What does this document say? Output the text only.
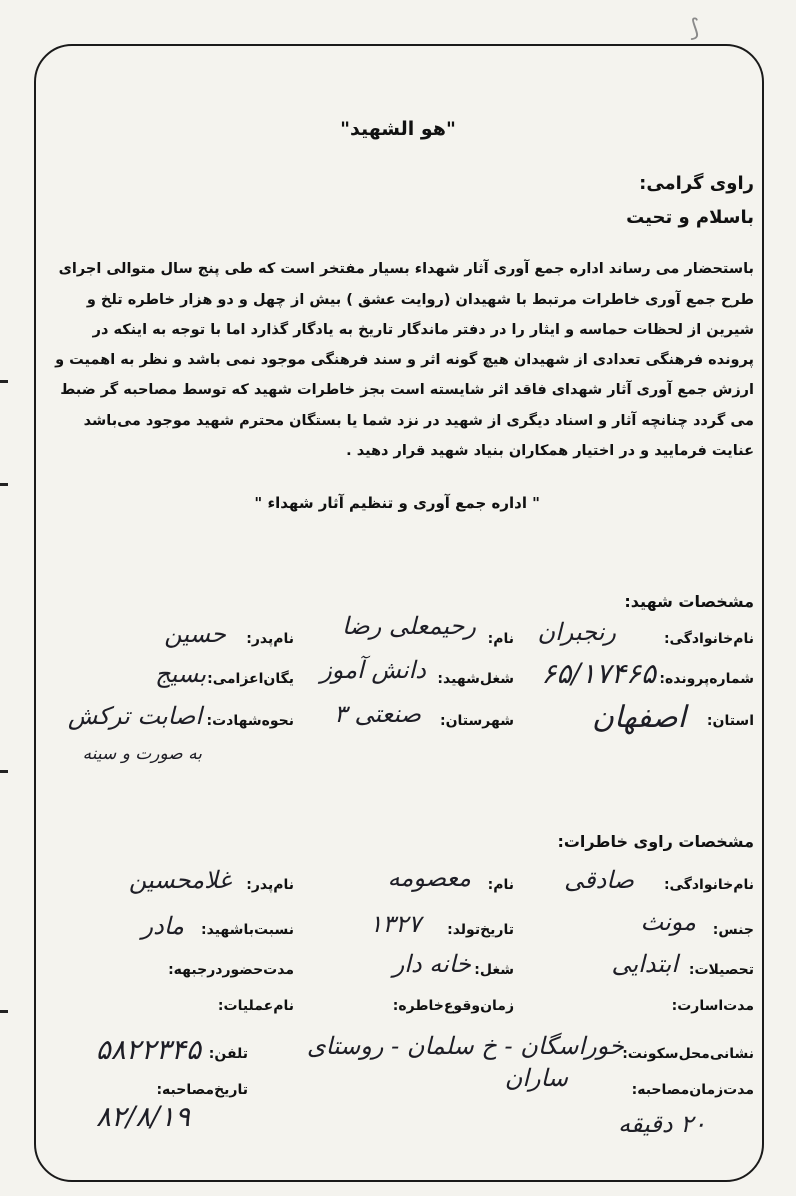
⟆
"هو الشهید"
راوی گرامی:
باسلام و تحیت
باستحضار می رساند اداره جمع آوری آثار شهداء بسیار مفتخر است که طی پنج سال متوالی اجرای
طرح جمع آوری خاطرات مرتبط با شهیدان (روایت عشق ) بیش از چهل و دو هزار خاطره تلخ و
شیرین از لحظات حماسه و ایثار را در دفتر ماندگار تاریخ به یادگار گذارد اما با توجه به اینکه در
پرونده فرهنگی تعدادی از شهیدان هیچ گونه اثر و سند فرهنگی موجود نمی باشد و نظر به اهمیت و
ارزش جمع آوری آثار شهدای فاقد اثر شایسته است بجز خاطرات شهید که توسط مصاحبه گر ضبط
می گردد چنانچه آثار و اسناد دیگری از شهید در نزد شما یا بستگان محترم شهید موجود می‌باشد
عنایت فرمایید و در اختیار همکاران بنیاد شهید قرار دهید .
" اداره جمع آوری و تنظیم آثار شهداء "
مشخصات شهید:
نام‌خانوادگی:
رنجبران
نام:
رحیمعلی رضا
نام‌پدر:
حسین
شماره‌پرونده:
۶۵/۱۷۴۶۵
شغل‌شهید:
دانش آموز
یگان‌اعزامی:
بسیج
استان:
اصفهان
شهرستان:
صنعتی ۳
نحوه‌شهادت:
اصابت ترکش
به صورت و سینه
مشخصات راوی خاطرات:
نام‌خانوادگی:
صادقی
نام:
معصومه
نام‌پدر:
غلامحسین
جنس:
مونث
تاریخ‌تولد:
۱۳۲۷
نسبت‌باشهید:
مادر
تحصیلات:
ابتدایی
شغل:
خانه دار
مدت‌حضوردرجبهه:
مدت‌اسارت:
زمان‌وقوع‌خاطره:
نام‌عملیات:
نشانی‌محل‌سکونت:
خوراسگان - خ سلمان - روستای
ساران
تلفن:
۵۸۲۲۳۴۵
مدت‌زمان‌مصاحبه:
۲۰ دقیقه
تاریخ‌مصاحبه:
۸۲/۸/۱۹
